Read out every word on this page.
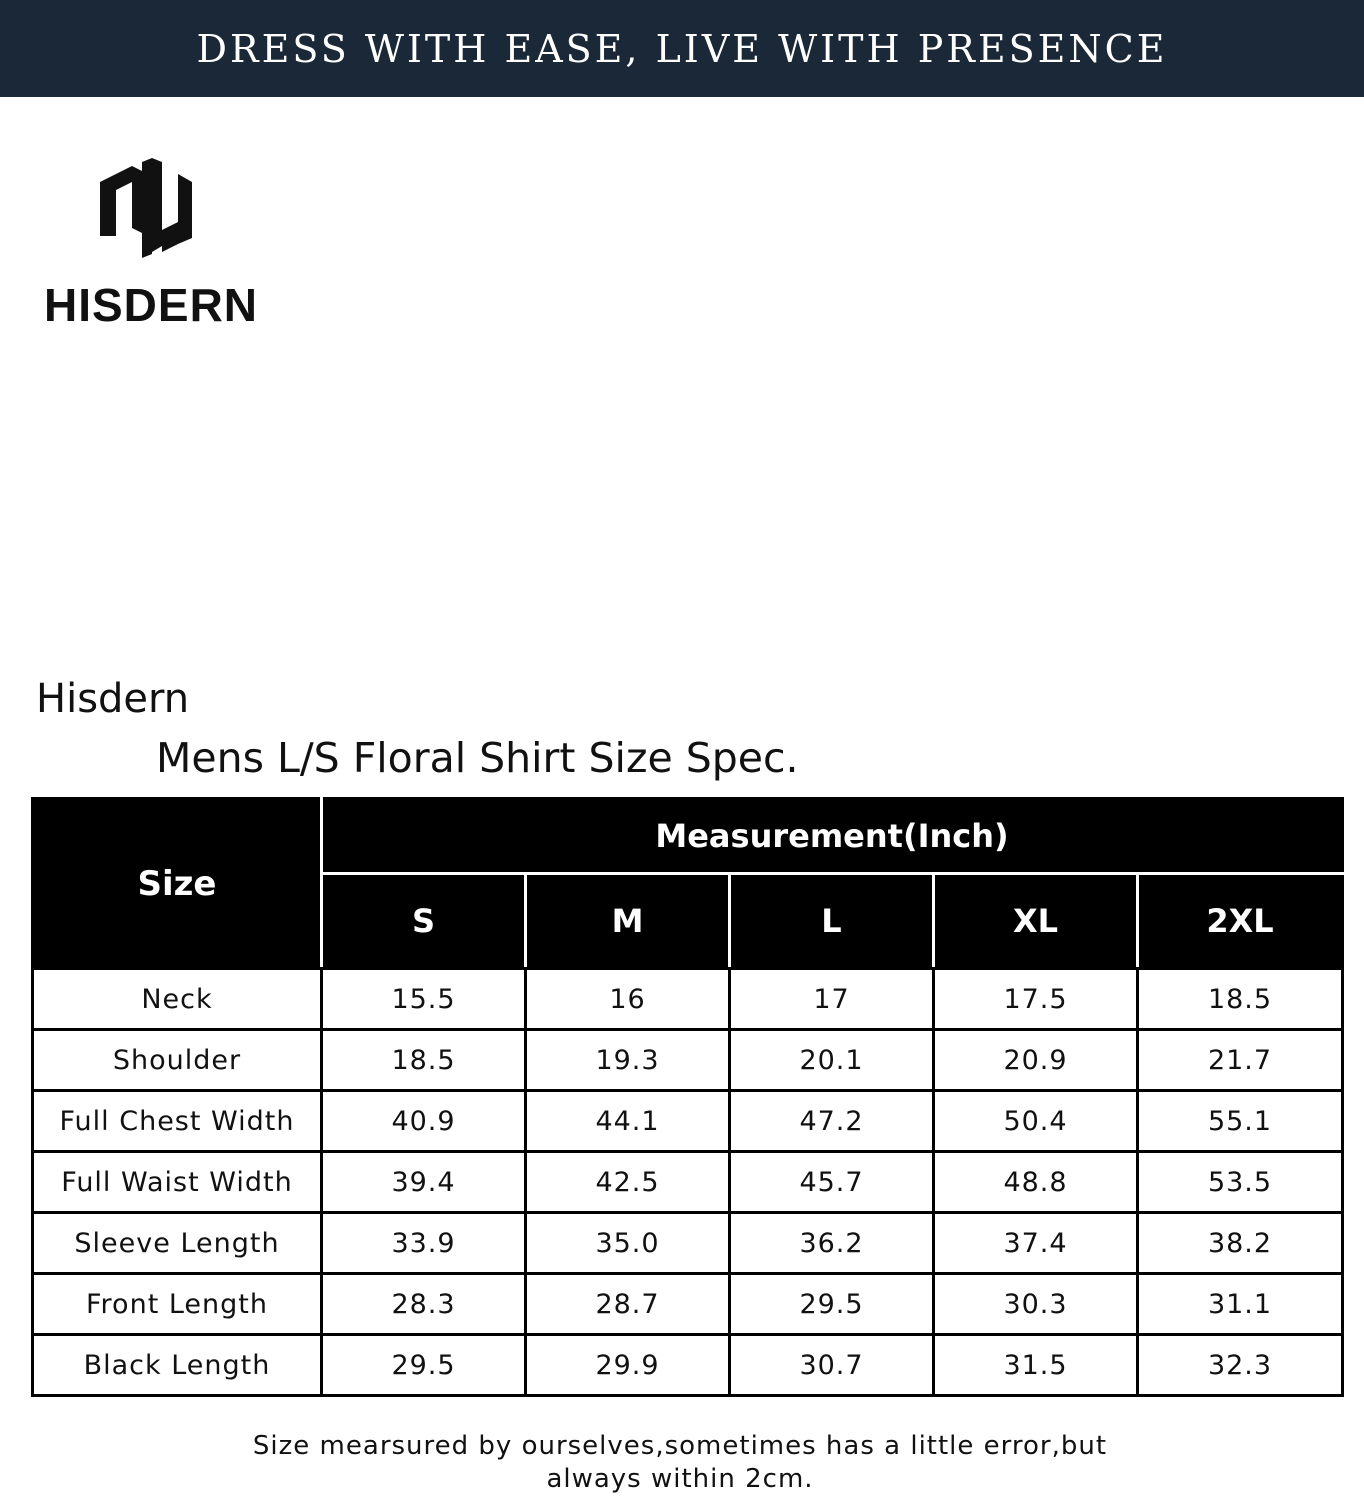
DRESS WITH EASE, LIVE WITH PRESENCE
HISDERN
Hisdern
Mens L/S Floral Shirt Size Spec.
Size	Measurement(Inch)				
	S	M	L	XL	2XL
Neck	15.5	16	17	17.5	18.5
Shoulder	18.5	19.3	20.1	20.9	21.7
Full Chest Width	40.9	44.1	47.2	50.4	55.1
Full Waist Width	39.4	42.5	45.7	48.8	53.5
Sleeve Length	33.9	35.0	36.2	37.4	38.2
Front Length	28.3	28.7	29.5	30.3	31.1
Black Length	29.5	29.9	30.7	31.5	32.3
Size mearsured by ourselves,sometimes has a little error,but
always within 2cm.
